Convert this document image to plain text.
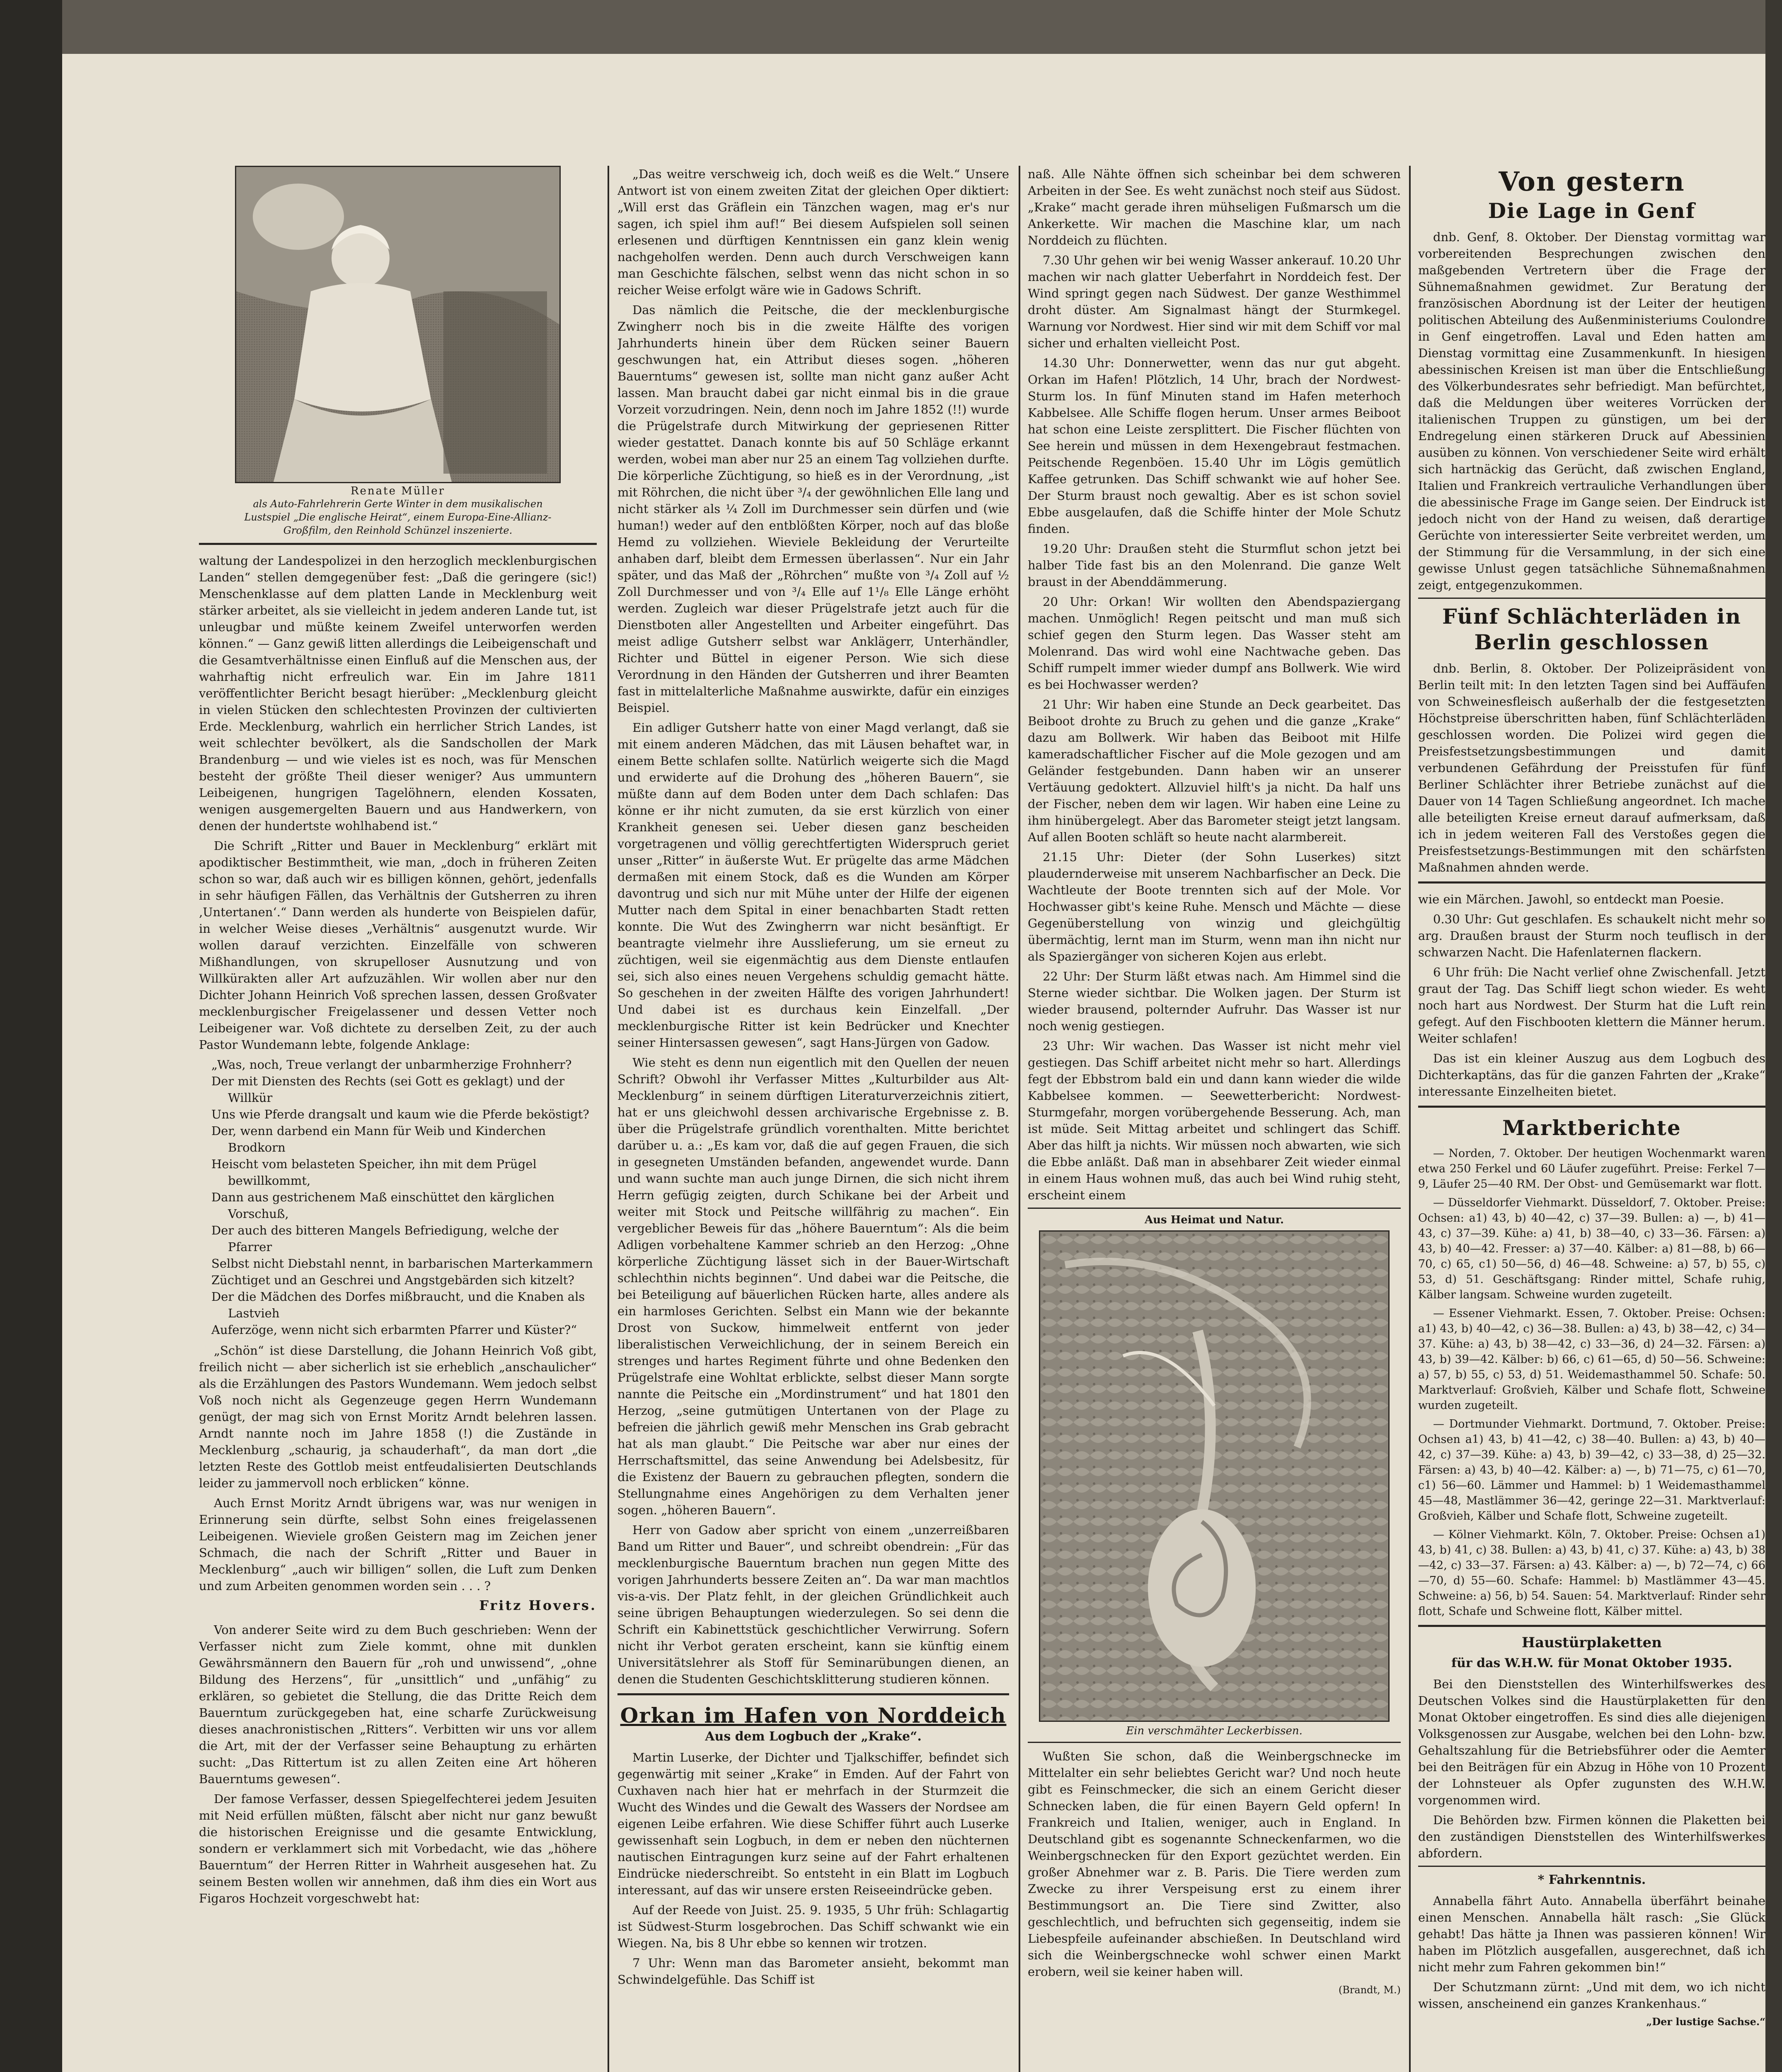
Renate Müller

als Auto-Fahrlehrerin Gerte Winter in dem musikalischen Lustspiel „Die englische Heirat“, einem Europa-Eine-Allianz-Großfilm, den Reinhold Schünzel inszenierte.

waltung der Landespolizei in den herzoglich mecklenburgischen Landen“ stellen demgegenüber fest: „Daß die geringere (sic!) Menschenklasse auf dem platten Lande in Mecklenburg weit stärker arbeitet, als sie vielleicht in jedem anderen Lande tut, ist unleugbar und müßte keinem Zweifel unterworfen werden können.“ — Ganz gewiß litten allerdings die Leibeigenschaft und die Gesamtverhältnisse einen Einfluß auf die Menschen aus, der wahrhaftig nicht erfreulich war. Ein im Jahre 1811 veröffentlichter Bericht besagt hierüber: „Mecklenburg gleicht in vielen Stücken den schlechtesten Provinzen der cultivierten Erde. Mecklenburg, wahrlich ein herrlicher Strich Landes, ist weit schlechter bevölkert, als die Sandschollen der Mark Brandenburg — und wie vieles ist es noch, was für Menschen besteht der größte Theil dieser weniger? Aus ummuntern Leibeigenen, hungrigen Tagelöhnern, elenden Kossaten, wenigen ausgemergelten Bauern und aus Handwerkern, von denen der hundertste wohlhabend ist.“

Die Schrift „Ritter und Bauer in Mecklenburg“ erklärt mit apodiktischer Bestimmtheit, wie man, „doch in früheren Zeiten schon so war, daß auch wir es billigen können, gehört, jedenfalls in sehr häufigen Fällen, das Verhältnis der Gutsherren zu ihren ‚Untertanen‘.“ Dann werden als hunderte von Beispielen dafür, in welcher Weise dieses „Verhältnis“ ausgenutzt wurde. Wir wollen darauf verzichten. Einzelfälle von schweren Mißhandlungen, von skrupelloser Ausnutzung und von Willkürakten aller Art aufzuzählen. Wir wollen aber nur den Dichter Johann Heinrich Voß sprechen lassen, dessen Großvater mecklenburgischer Freigelassener und dessen Vetter noch Leibeigener war. Voß dichtete zu derselben Zeit, zu der auch Pastor Wundemann lebte, folgende Anklage:

„Was, noch, Treue verlangt der unbarmherzige Frohnherr?

Der mit Diensten des Rechts (sei Gott es geklagt) und der Willkür

Uns wie Pferde drangsalt und kaum wie die Pferde beköstigt?

Der, wenn darbend ein Mann für Weib und Kinderchen Brodkorn

Heischt vom belasteten Speicher, ihn mit dem Prügel bewillkommt,

Dann aus gestrichenem Maß einschüttet den kärglichen Vorschuß,

Der auch des bitteren Mangels Befriedigung, welche der Pfarrer

Selbst nicht Diebstahl nennt, in barbarischen Marterkammern

Züchtiget und an Geschrei und Angstgebärden sich kitzelt?

Der die Mädchen des Dorfes mißbraucht, und die Knaben als Lastvieh

Auferzöge, wenn nicht sich erbarmten Pfarrer und Küster?“

„Schön“ ist diese Darstellung, die Johann Heinrich Voß gibt, freilich nicht — aber sicherlich ist sie erheblich „anschaulicher“ als die Erzählungen des Pastors Wundemann. Wem jedoch selbst Voß noch nicht als Gegenzeuge gegen Herrn Wundemann genügt, der mag sich von Ernst Moritz Arndt belehren lassen. Arndt nannte noch im Jahre 1858 (!) die Zustände in Mecklenburg „schaurig, ja schauderhaft“, da man dort „die letzten Reste des Gottlob meist entfeudalisierten Deutschlands leider zu jammervoll noch erblicken“ könne.

Auch Ernst Moritz Arndt übrigens war, was nur wenigen in Erinnerung sein dürfte, selbst Sohn eines freigelassenen Leibeigenen. Wieviele großen Geistern mag im Zeichen jener Schmach, die nach der Schrift „Ritter und Bauer in Mecklenburg“ „auch wir billigen“ sollen, die Luft zum Denken und zum Arbeiten genommen worden sein . . . ?

Fritz Hovers.

Von anderer Seite wird zu dem Buch geschrieben: Wenn der Verfasser nicht zum Ziele kommt, ohne mit dunklen Gewährsmännern den Bauern für „roh und unwissend“, „ohne Bildung des Herzens“, für „unsittlich“ und „unfähig“ zu erklären, so gebietet die Stellung, die das Dritte Reich dem Bauerntum zurückgegeben hat, eine scharfe Zurückweisung dieses anachronistischen „Ritters“. Verbitten wir uns vor allem die Art, mit der der Verfasser seine Behauptung zu erhärten sucht: „Das Rittertum ist zu allen Zeiten eine Art höheren Bauerntums gewesen“.

Der famose Verfasser, dessen Spiegelfechterei jedem Jesuiten mit Neid erfüllen müßten, fälscht aber nicht nur ganz bewußt die historischen Ereignisse und die gesamte Entwicklung, sondern er verklammert sich mit Vorbedacht, wie das „höhere Bauerntum“ der Herren Ritter in Wahrheit ausgesehen hat. Zu seinem Besten wollen wir annehmen, daß ihm dies ein Wort aus Figaros Hochzeit vorgeschwebt hat:

„Das weitre verschweig ich, doch weiß es die Welt.“ Unsere Antwort ist von einem zweiten Zitat der gleichen Oper diktiert: „Will erst das Gräflein ein Tänzchen wagen, mag er's nur sagen, ich spiel ihm auf!“ Bei diesem Aufspielen soll seinen erlesenen und dürftigen Kenntnissen ein ganz klein wenig nachgeholfen werden. Denn auch durch Verschweigen kann man Geschichte fälschen, selbst wenn das nicht schon in so reicher Weise erfolgt wäre wie in Gadows Schrift.

Das nämlich die Peitsche, die der mecklenburgische Zwingherr noch bis in die zweite Hälfte des vorigen Jahrhunderts hinein über dem Rücken seiner Bauern geschwungen hat, ein Attribut dieses sogen. „höheren Bauerntums“ gewesen ist, sollte man nicht ganz außer Acht lassen. Man braucht dabei gar nicht einmal bis in die graue Vorzeit vorzudringen. Nein, denn noch im Jahre 1852 (!!) wurde die Prügelstrafe durch Mitwirkung der gepriesenen Ritter wieder gestattet. Danach konnte bis auf 50 Schläge erkannt werden, wobei man aber nur 25 an einem Tag vollziehen durfte. Die körperliche Züchtigung, so hieß es in der Verordnung, „ist mit Röhrchen, die nicht über ³/₄ der gewöhnlichen Elle lang und nicht stärker als ¼ Zoll im Durchmesser sein dürfen und (wie human!) weder auf den entblößten Körper, noch auf das bloße Hemd zu vollziehen. Wieviele Bekleidung der Verurteilte anhaben darf, bleibt dem Ermessen überlassen“. Nur ein Jahr später, und das Maß der „Röhrchen“ mußte von ³/₄ Zoll auf ½ Zoll Durchmesser und von ³/₄ Elle auf 1¹/₈ Elle Länge erhöht werden. Zugleich war dieser Prügelstrafe jetzt auch für die Dienstboten aller Angestellten und Arbeiter eingeführt. Das meist adlige Gutsherr selbst war Anklägerr, Unterhändler, Richter und Büttel in eigener Person. Wie sich diese Verordnung in den Händen der Gutsherren und ihrer Beamten fast in mittelalterliche Maßnahme auswirkte, dafür ein einziges Beispiel.

Ein adliger Gutsherr hatte von einer Magd verlangt, daß sie mit einem anderen Mädchen, das mit Läusen behaftet war, in einem Bette schlafen sollte. Natürlich weigerte sich die Magd und erwiderte auf die Drohung des „höheren Bauern“, sie müßte dann auf dem Boden unter dem Dach schlafen: Das könne er ihr nicht zumuten, da sie erst kürzlich von einer Krankheit genesen sei. Ueber diesen ganz bescheiden vorgetragenen und völlig gerechtfertigten Widerspruch geriet unser „Ritter“ in äußerste Wut. Er prügelte das arme Mädchen dermaßen mit einem Stock, daß es die Wunden am Körper davontrug und sich nur mit Mühe unter der Hilfe der eigenen Mutter nach dem Spital in einer benachbarten Stadt retten konnte. Die Wut des Zwingherrn war nicht besänftigt. Er beantragte vielmehr ihre Ausslieferung, um sie erneut zu züchtigen, weil sie eigenmächtig aus dem Dienste entlaufen sei, sich also eines neuen Vergehens schuldig gemacht hätte. So geschehen in der zweiten Hälfte des vorigen Jahrhundert! Und dabei ist es durchaus kein Einzelfall. „Der mecklenburgische Ritter ist kein Bedrücker und Knechter seiner Hintersassen gewesen“, sagt Hans-Jürgen von Gadow.

Wie steht es denn nun eigentlich mit den Quellen der neuen Schrift? Obwohl ihr Verfasser Mittes „Kulturbilder aus Alt-Mecklenburg“ in seinem dürftigen Literaturverzeichnis zitiert, hat er uns gleichwohl dessen archivarische Ergebnisse z. B. über die Prügelstrafe gründlich vorenthalten. Mitte berichtet darüber u. a.: „Es kam vor, daß die auf gegen Frauen, die sich in gesegneten Umständen befanden, angewendet wurde. Dann und wann suchte man auch junge Dirnen, die sich nicht ihrem Herrn gefügig zeigten, durch Schikane bei der Arbeit und weiter mit Stock und Peitsche willfährig zu machen“. Ein vergeblicher Beweis für das „höhere Bauerntum“: Als die beim Adligen vorbehaltene Kammer schrieb an den Herzog: „Ohne körperliche Züchtigung lässet sich in der Bauer-Wirtschaft schlechthin nichts beginnen“. Und dabei war die Peitsche, die bei Beteiligung auf bäuerlichen Rücken harte, alles andere als ein harmloses Gerichten. Selbst ein Mann wie der bekannte Drost von Suckow, himmelweit entfernt von jeder liberalistischen Verweichlichung, der in seinem Bereich ein strenges und hartes Regiment führte und ohne Bedenken den Prügelstrafe eine Wohltat erblickte, selbst dieser Mann sorgte nannte die Peitsche ein „Mordinstrument“ und hat 1801 den Herzog, „seine gutmütigen Untertanen von der Plage zu befreien die jährlich gewiß mehr Menschen ins Grab gebracht hat als man glaubt.“ Die Peitsche war aber nur eines der Herrschaftsmittel, das seine Anwendung bei Adelsbesitz, für die Existenz der Bauern zu gebrauchen pflegten, sondern die Stellungnahme eines Angehörigen zu dem Verhalten jener sogen. „höheren Bauern“.

Herr von Gadow aber spricht von einem „unzerreißbaren Band um Ritter und Bauer“, und schreibt obendrein: „Für das mecklenburgische Bauerntum brachen nun gegen Mitte des vorigen Jahrhunderts bessere Zeiten an“. Da war man machtlos vis-a-vis. Der Platz fehlt, in der gleichen Gründlichkeit auch seine übrigen Behauptungen wiederzulegen. So sei denn die Schrift ein Kabinettstück geschichtlicher Verwirrung. Sofern nicht ihr Verbot geraten erscheint, kann sie künftig einem Universitätslehrer als Stoff für Seminarübungen dienen, an denen die Studenten Geschichtsklitterung studieren können.

Orkan im Hafen von Norddeich

Aus dem Logbuch der „Krake“.

Martin Luserke, der Dichter und Tjalkschiffer, befindet sich gegenwärtig mit seiner „Krake“ in Emden. Auf der Fahrt von Cuxhaven nach hier hat er mehrfach in der Sturmzeit die Wucht des Windes und die Gewalt des Wassers der Nordsee am eigenen Leibe erfahren. Wie diese Schiffer führt auch Luserke gewissenhaft sein Logbuch, in dem er neben den nüchternen nautischen Eintragungen kurz seine auf der Fahrt erhaltenen Eindrücke niederschreibt. So entsteht in ein Blatt im Logbuch interessant, auf das wir unsere ersten Reiseeindrücke geben.

Auf der Reede von Juist. 25. 9. 1935, 5 Uhr früh: Schlagartig ist Südwest-Sturm losgebrochen. Das Schiff schwankt wie ein Wiegen. Na, bis 8 Uhr ebbe so kennen wir trotzen.

7 Uhr: Wenn man das Barometer ansieht, bekommt man Schwindelgefühle. Das Schiff ist

naß. Alle Nähte öffnen sich scheinbar bei dem schweren Arbeiten in der See. Es weht zunächst noch steif aus Südost. „Krake“ macht gerade ihren mühseligen Fußmarsch um die Ankerkette. Wir machen die Maschine klar, um nach Norddeich zu flüchten.

7.30 Uhr gehen wir bei wenig Wasser ankerauf. 10.20 Uhr machen wir nach glatter Ueberfahrt in Norddeich fest. Der Wind springt gegen nach Südwest. Der ganze Westhimmel droht düster. Am Signalmast hängt der Sturmkegel. Warnung vor Nordwest. Hier sind wir mit dem Schiff vor mal sicher und erhalten vielleicht Post.

14.30 Uhr: Donnerwetter, wenn das nur gut abgeht. Orkan im Hafen! Plötzlich, 14 Uhr, brach der Nordwest-Sturm los. In fünf Minuten stand im Hafen meterhoch Kabbelsee. Alle Schiffe flogen herum. Unser armes Beiboot hat schon eine Leiste zersplittert. Die Fischer flüchten von See herein und müssen in dem Hexengebraut festmachen. Peitschende Regenböen. 15.40 Uhr im Lögis gemütlich Kaffee getrunken. Das Schiff schwankt wie auf hoher See. Der Sturm braust noch gewaltig. Aber es ist schon soviel Ebbe ausgelaufen, daß die Schiffe hinter der Mole Schutz finden.

19.20 Uhr: Draußen steht die Sturmflut schon jetzt bei halber Tide fast bis an den Molenrand. Die ganze Welt braust in der Abenddämmerung.

20 Uhr: Orkan! Wir wollten den Abendspaziergang machen. Unmöglich! Regen peitscht und man muß sich schief gegen den Sturm legen. Das Wasser steht am Molenrand. Das wird wohl eine Nachtwache geben. Das Schiff rumpelt immer wieder dumpf ans Bollwerk. Wie wird es bei Hochwasser werden?

21 Uhr: Wir haben eine Stunde an Deck gearbeitet. Das Beiboot drohte zu Bruch zu gehen und die ganze „Krake“ dazu am Bollwerk. Wir haben das Beiboot mit Hilfe kameradschaftlicher Fischer auf die Mole gezogen und am Geländer festgebunden. Dann haben wir an unserer Vertäuung gedoktert. Allzuviel hilft's ja nicht. Da half uns der Fischer, neben dem wir lagen. Wir haben eine Leine zu ihm hinübergelegt. Aber das Barometer steigt jetzt langsam. Auf allen Booten schläft so heute nacht alarmbereit.

21.15 Uhr: Dieter (der Sohn Luserkes) sitzt plaudernderweise mit unserem Nachbarfischer an Deck. Die Wachtleute der Boote trennten sich auf der Mole. Vor Hochwasser gibt's keine Ruhe. Mensch und Mächte — diese Gegenüberstellung von winzig und gleichgültig übermächtig, lernt man im Sturm, wenn man ihn nicht nur als Spaziergänger von sicheren Kojen aus erlebt.

22 Uhr: Der Sturm läßt etwas nach. Am Himmel sind die Sterne wieder sichtbar. Die Wolken jagen. Der Sturm ist wieder brausend, polternder Aufruhr. Das Wasser ist nur noch wenig gestiegen.

23 Uhr: Wir wachen. Das Wasser ist nicht mehr viel gestiegen. Das Schiff arbeitet nicht mehr so hart. Allerdings fegt der Ebbstrom bald ein und dann kann wieder die wilde Kabbelsee kommen. — Seewetterbericht: Nordwest-Sturmgefahr, morgen vorübergehende Besserung. Ach, man ist müde. Seit Mittag arbeitet und schlingert das Schiff. Aber das hilft ja nichts. Wir müssen noch abwarten, wie sich die Ebbe anläßt. Daß man in absehbarer Zeit wieder einmal in einem Haus wohnen muß, das auch bei Wind ruhig steht, erscheint einem

Aus Heimat und Natur.

Ein verschmähter Leckerbissen.

Wußten Sie schon, daß die Weinbergschnecke im Mittelalter ein sehr beliebtes Gericht war? Und noch heute gibt es Feinschmecker, die sich an einem Gericht dieser Schnecken laben, die für einen Bayern Geld opfern! In Frankreich und Italien, weniger, auch in England. In Deutschland gibt es sogenannte Schneckenfarmen, wo die Weinbergschnecken für den Export gezüchtet werden. Ein großer Abnehmer war z. B. Paris. Die Tiere werden zum Zwecke zu ihrer Verspeisung erst zu einem ihrer Bestimmungsort an. Die Tiere sind Zwitter, also geschlechtlich, und befruchten sich gegenseitig, indem sie Liebespfeile aufeinander abschießen. In Deutschland wird sich die Weinbergschnecke wohl schwer einen Markt erobern, weil sie keiner haben will.

(Brandt, M.)

Von gestern
Die Lage in Genf

dnb. Genf, 8. Oktober. Der Dienstag vormittag war vorbereitenden Besprechungen zwischen den maßgebenden Vertretern über die Frage der Sühnemaßnahmen gewidmet. Zur Beratung der französischen Abordnung ist der Leiter der heutigen politischen Abteilung des Außenministeriums Coulondre in Genf eingetroffen. Laval und Eden hatten am Dienstag vormittag eine Zusammenkunft. In hiesigen abessinischen Kreisen ist man über die Entschließung des Völkerbundesrates sehr befriedigt. Man befürchtet, daß die Meldungen über weiteres Vorrücken der italienischen Truppen zu günstigen, um bei der Endregelung einen stärkeren Druck auf Abessinien ausüben zu können. Von verschiedener Seite wird erhält sich hartnäckig das Gerücht, daß zwischen England, Italien und Frankreich vertrauliche Verhandlungen über die abessinische Frage im Gange seien. Der Eindruck ist jedoch nicht von der Hand zu weisen, daß derartige Gerüchte von interessierter Seite verbreitet werden, um der Stimmung für die Versammlung, in der sich eine gewisse Unlust gegen tatsächliche Sühnemaßnahmen zeigt, entgegenzukommen.

Fünf Schlächterläden in Berlin geschlossen

dnb. Berlin, 8. Oktober. Der Polizeipräsident von Berlin teilt mit: In den letzten Tagen sind bei Auffäufen von Schweinesfleisch außerhalb der die festgesetzten Höchstpreise überschritten haben, fünf Schlächterläden geschlossen worden. Die Polizei wird gegen die Preisfestsetzungsbestimmungen und damit verbundenen Gefährdung der Preisstufen für fünf Berliner Schlächter ihrer Betriebe zunächst auf die Dauer von 14 Tagen Schließung angeordnet. Ich mache alle beteiligten Kreise erneut darauf aufmerksam, daß ich in jedem weiteren Fall des Verstoßes gegen die Preisfestsetzungs-Bestimmungen mit den schärfsten Maßnahmen ahnden werde.

wie ein Märchen. Jawohl, so entdeckt man Poesie.

0.30 Uhr: Gut geschlafen. Es schaukelt nicht mehr so arg. Draußen braust der Sturm noch teuflisch in der schwarzen Nacht. Die Hafenlaternen flackern.

6 Uhr früh: Die Nacht verlief ohne Zwischenfall. Jetzt graut der Tag. Das Schiff liegt schon wieder. Es weht noch hart aus Nordwest. Der Sturm hat die Luft rein gefegt. Auf den Fischbooten klettern die Männer herum. Weiter schlafen!

Das ist ein kleiner Auszug aus dem Logbuch des Dichterkaptäns, das für die ganzen Fahrten der „Krake“ interessante Einzelheiten bietet.

Marktberichte

— Norden, 7. Oktober. Der heutigen Wochenmarkt waren etwa 250 Ferkel und 60 Läufer zugeführt. Preise: Ferkel 7—9, Läufer 25—40 RM. Der Obst- und Gemüsemarkt war flott.

— Düsseldorfer Viehmarkt. Düsseldorf, 7. Oktober. Preise: Ochsen: a1) 43, b) 40—42, c) 37—39. Bullen: a) —, b) 41—43, c) 37—39. Kühe: a) 41, b) 38—40, c) 33—36. Färsen: a) 43, b) 40—42. Fresser: a) 37—40. Kälber: a) 81—88, b) 66—70, c) 65, c1) 50—56, d) 46—48. Schweine: a) 57, b) 55, c) 53, d) 51. Geschäftsgang: Rinder mittel, Schafe ruhig, Kälber langsam. Schweine wurden zugeteilt.

— Essener Viehmarkt. Essen, 7. Oktober. Preise: Ochsen: a1) 43, b) 40—42, c) 36—38. Bullen: a) 43, b) 38—42, c) 34—37. Kühe: a) 43, b) 38—42, c) 33—36, d) 24—32. Färsen: a) 43, b) 39—42. Kälber: b) 66, c) 61—65, d) 50—56. Schweine: a) 57, b) 55, c) 53, d) 51. Weidemasthammel 50. Schafe: 50. Marktverlauf: Großvieh, Kälber und Schafe flott, Schweine wurden zugeteilt.

— Dortmunder Viehmarkt. Dortmund, 7. Oktober. Preise: Ochsen a1) 43, b) 41—42, c) 38—40. Bullen: a) 43, b) 40—42, c) 37—39. Kühe: a) 43, b) 39—42, c) 33—38, d) 25—32. Färsen: a) 43, b) 40—42. Kälber: a) —, b) 71—75, c) 61—70, c1) 56—60. Lämmer und Hammel: b) 1 Weidemasthammel 45—48, Mastlämmer 36—42, geringe 22—31. Marktverlauf: Großvieh, Kälber und Schafe flott, Schweine zugeteilt.

— Kölner Viehmarkt. Köln, 7. Oktober. Preise: Ochsen a1) 43, b) 41, c) 38. Bullen: a) 43, b) 41, c) 37. Kühe: a) 43, b) 38—42, c) 33—37. Färsen: a) 43. Kälber: a) —, b) 72—74, c) 66—70, d) 55—60. Schafe: Hammel: b) Mastlämmer 43—45. Schweine: a) 56, b) 54. Sauen: 54. Marktverlauf: Rinder sehr flott, Schafe und Schweine flott, Kälber mittel.

Haustürplaketten

für das W.H.W. für Monat Oktober 1935.

Bei den Dienststellen des Winterhilfswerkes des Deutschen Volkes sind die Haustürplaketten für den Monat Oktober eingetroffen. Es sind dies alle diejenigen Volksgenossen zur Ausgabe, welchen bei den Lohn- bzw. Gehaltszahlung für die Betriebsführer oder die Aemter bei den Beiträgen für ein Abzug in Höhe von 10 Prozent der Lohnsteuer als Opfer zugunsten des W.H.W. vorgenommen wird.

Die Behörden bzw. Firmen können die Plaketten bei den zuständigen Dienststellen des Winterhilfswerkes abfordern.

* Fahrkenntnis.

Annabella fährt Auto. Annabella überfährt beinahe einen Menschen. Annabella hält rasch: „Sie Glück gehabt! Das hätte ja Ihnen was passieren können! Wir haben im Plötzlich ausgefallen, ausgerechnet, daß ich nicht mehr zum Fahren gekommen bin!“

Der Schutzmann zürnt: „Und mit dem, wo ich nicht wissen, anscheinend ein ganzes Krankenhaus.“

„Der lustige Sachse.“
